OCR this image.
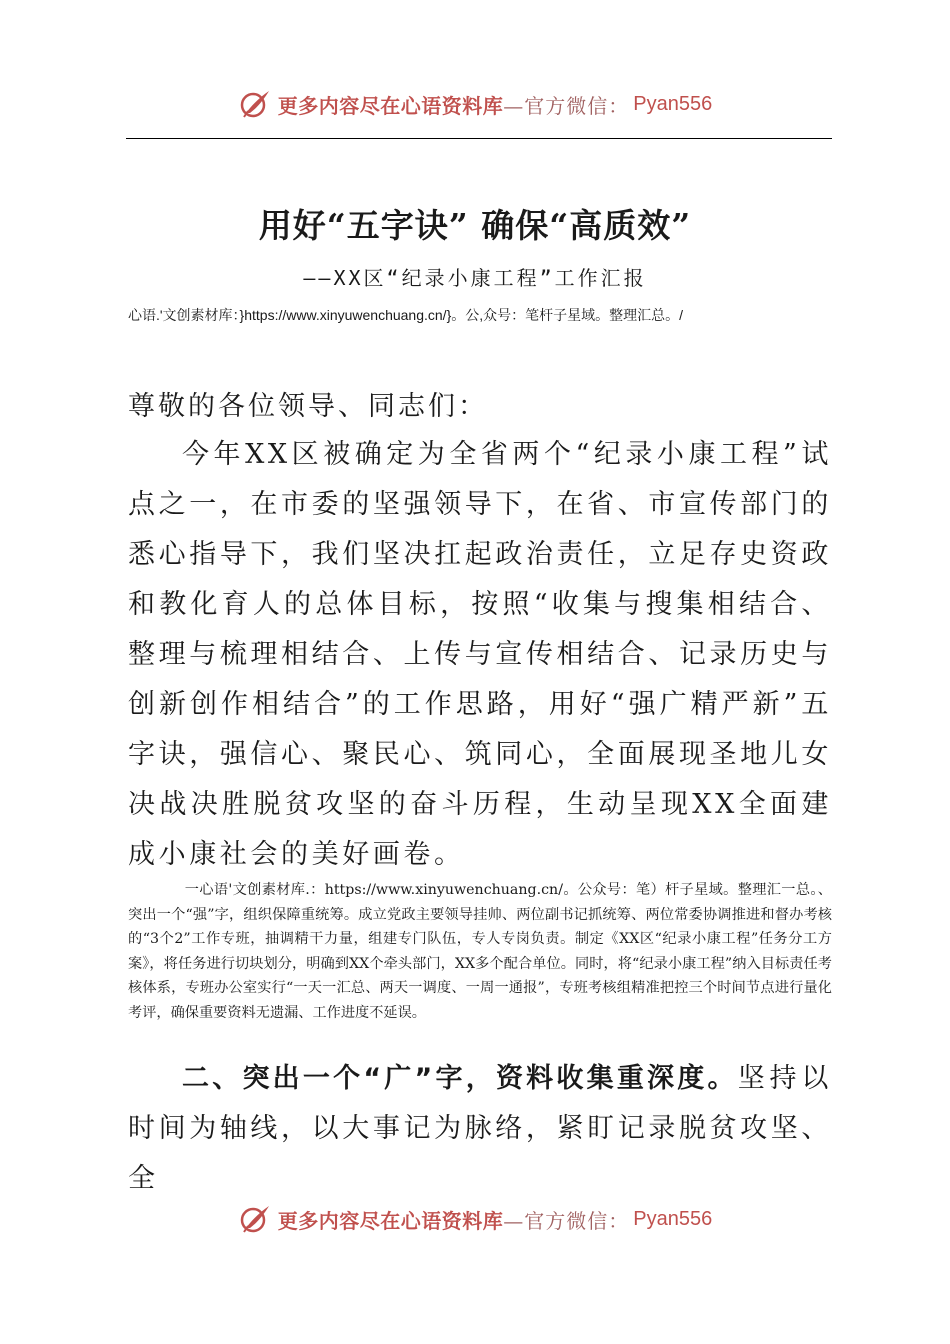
更多内容尽在心语资料库 —官方微信： Pyan556
用好“五字诀” 确保“高质效”
——XX区“纪录小康工程”工作汇报
心语.'文创素材库：}https://www.xinyuwenchuang.cn/}。公,众号：笔杆子星域。整理汇总。/
尊敬的各位领导、同志们：

今年XX区被确定为全省两个“纪录小康工程”试点之一，在市委的坚强领导下，在省、市宣传部门的悉心指导下，我们坚决扛起政治责任，立足存史资政和教化育人的总体目标，按照“收集与搜集相结合、整理与梳理相结合、上传与宣传相结合、记录历史与创新创作相结合”的工作思路，用好“强广精严新”五字诀，强信心、聚民心、筑同心，全面展现圣地儿女决战决胜脱贫攻坚的奋斗历程，生动呈现XX全面建成小康社会的美好画卷。

一心语'文创素材库.：https://www.xinyuwenchuang.cn/。公众号：笔）杆子星域。整理汇一总。、突出一个“强”字，组织保障重统筹。成立党政主要领导挂帅、两位副书记抓统筹、两位常委协调推进和督办考核的“3个2”工作专班，抽调精干力量，组建专门队伍，专人专岗负责。制定《XX区“纪录小康工程”任务分工方案》，将任务进行切块划分，明确到XX个牵头部门，XX多个配合单位。同时，将“纪录小康工程”纳入目标责任考核体系，专班办公室实行“一天一汇总、两天一调度、一周一通报”，专班考核组精准把控三个时间节点进行量化考评，确保重要资料无遗漏、工作进度不延误。

二、突出一个“广”字，资料收集重深度。坚持以时间为轴线，以大事记为脉络，紧盯记录脱贫攻坚、全

更多内容尽在心语资料库 —官方微信： Pyan556
